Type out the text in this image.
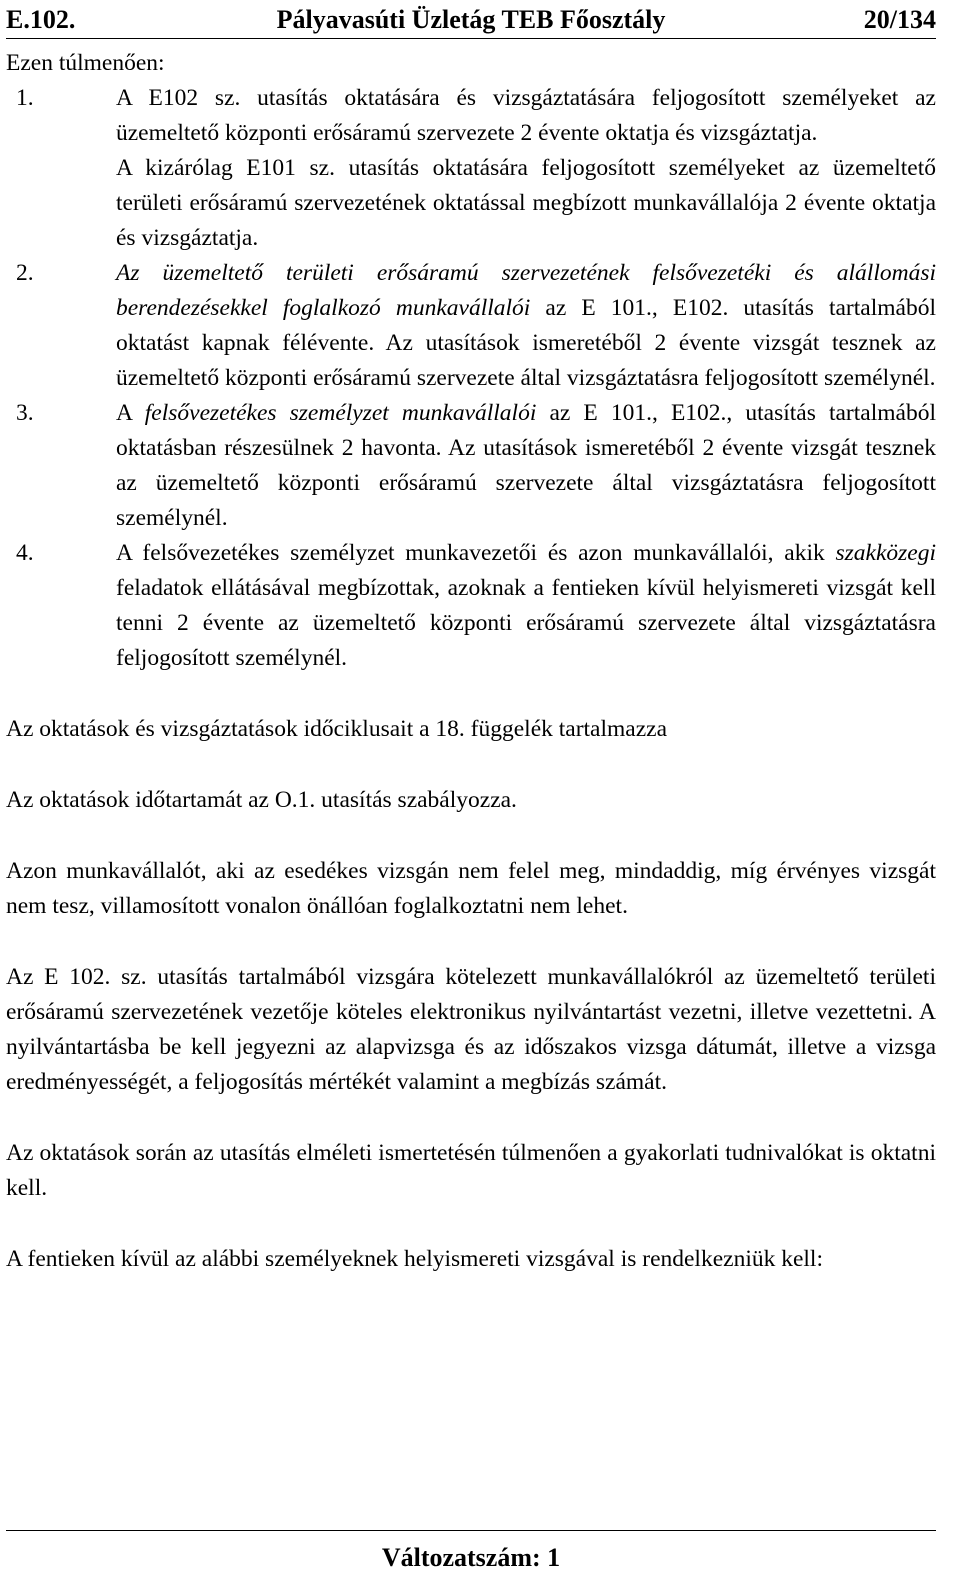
E.102.	Pályavasúti Üzletág TEB Főosztály	20/134

Ezen túlmenően:

1.	A E102 sz. utasítás oktatására és vizsgáztatására feljogosított személyeket az üzemeltető központi erősáramú szervezete 2 évente oktatja és vizsgáztatja.

A kizárólag E101 sz. utasítás oktatására feljogosított személyeket az üzemeltető területi erősáramú szervezetének oktatással megbízott munkavállalója 2 évente oktatja és vizsgáztatja.

2.	Az üzemeltető területi erősáramú szervezetének felsővezetéki és alállomási berendezésekkel foglalkozó munkavállalói az E 101., E102. utasítás tartalmából oktatást kapnak félévente. Az utasítások ismeretéből 2 évente vizsgát tesznek az üzemeltető központi erősáramú szervezete által vizsgáztatásra feljogosított személynél.

3.	A felsővezetékes személyzet munkavállalói az E 101., E102., utasítás tartalmából oktatásban részesülnek 2 havonta. Az utasítások ismeretéből 2 évente vizsgát tesznek az üzemeltető központi erősáramú szervezete által vizsgáztatásra feljogosított személynél.

4.	A felsővezetékes személyzet munkavezetői és azon munkavállalói, akik szakközegi feladatok ellátásával megbízottak, azoknak a fentieken kívül helyismereti vizsgát kell tenni 2 évente az üzemeltető központi erősáramú szervezete által vizsgáztatásra feljogosított személynél.

Az oktatások és vizsgáztatások időciklusait a 18. függelék tartalmazza

Az oktatások időtartamát az O.1. utasítás szabályozza.

Azon munkavállalót, aki az esedékes vizsgán nem felel meg, mindaddig, míg érvényes vizsgát nem tesz, villamosított vonalon önállóan foglalkoztatni nem lehet.

Az E 102. sz. utasítás tartalmából vizsgára kötelezett munkavállalókról az üzemeltető területi erősáramú szervezetének vezetője köteles elektronikus nyilvántartást vezetni, illetve vezettetni. A nyilvántartásba be kell jegyezni az alapvizsga és az időszakos vizsga dátumát, illetve a vizsga eredményességét, a feljogosítás mértékét valamint a megbízás számát.

Az oktatások során az utasítás elméleti ismertetésén túlmenően a gyakorlati tudnivalókat is oktatni kell.

A fentieken kívül az alábbi személyeknek helyismereti vizsgával is rendelkezniük kell:

Változatszám: 1
